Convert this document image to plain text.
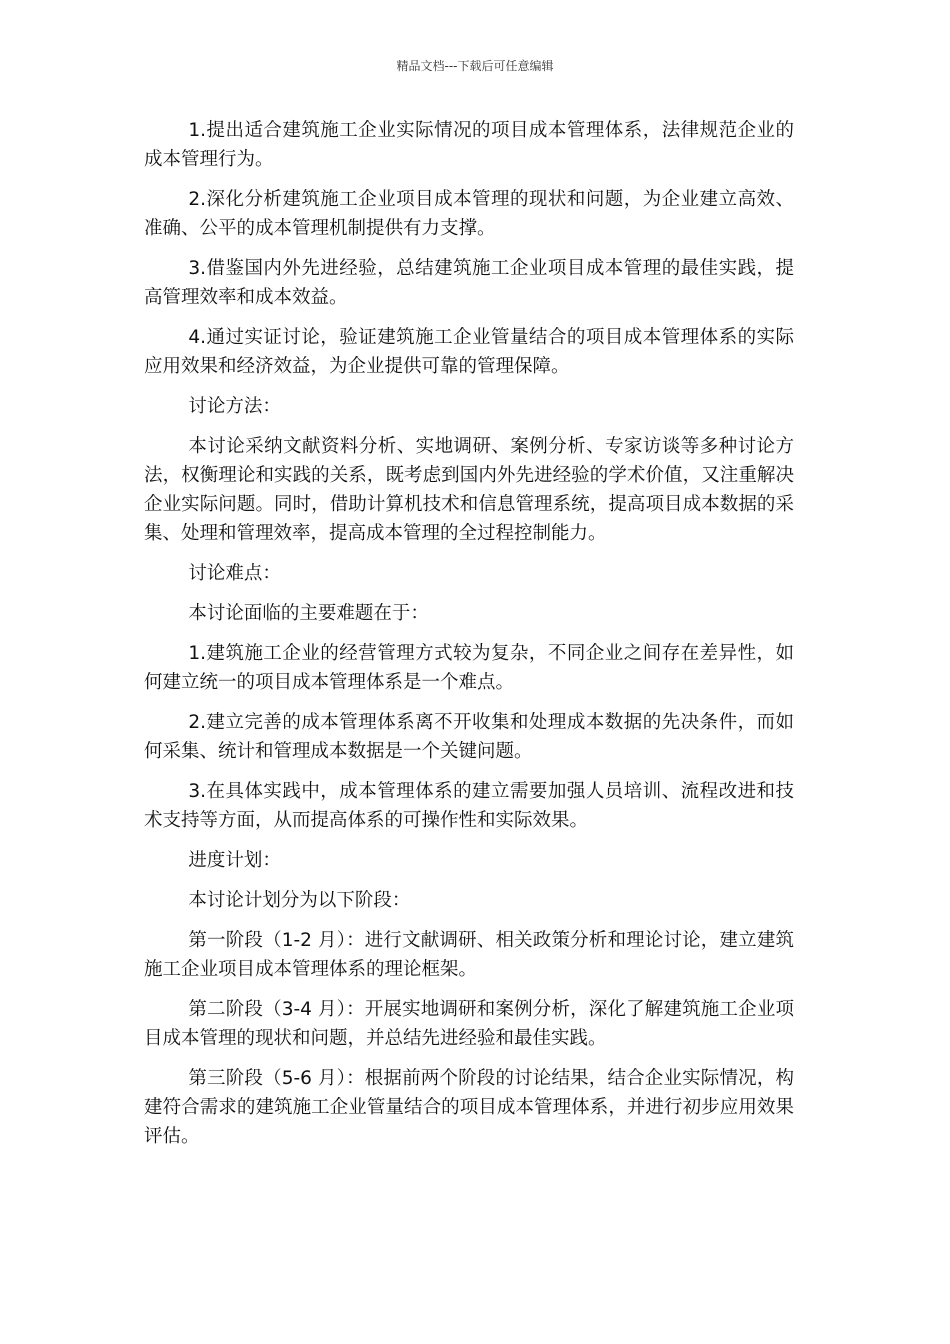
精品文档---下载后可任意编辑

1.提出适合建筑施工企业实际情况的项目成本管理体系，法律规范企业的成本管理行为。

2.深化分析建筑施工企业项目成本管理的现状和问题，为企业建立高效、准确、公平的成本管理机制提供有力支撑。

3.借鉴国内外先进经验，总结建筑施工企业项目成本管理的最佳实践，提高管理效率和成本效益。

4.通过实证讨论，验证建筑施工企业管量结合的项目成本管理体系的实际应用效果和经济效益，为企业提供可靠的管理保障。

讨论方法：

本讨论采纳文献资料分析、实地调研、案例分析、专家访谈等多种讨论方法，权衡理论和实践的关系，既考虑到国内外先进经验的学术价值，又注重解决企业实际问题。同时，借助计算机技术和信息管理系统，提高项目成本数据的采集、处理和管理效率，提高成本管理的全过程控制能力。

讨论难点：

本讨论面临的主要难题在于：

1.建筑施工企业的经营管理方式较为复杂，不同企业之间存在差异性，如何建立统一的项目成本管理体系是一个难点。

2.建立完善的成本管理体系离不开收集和处理成本数据的先决条件，而如何采集、统计和管理成本数据是一个关键问题。

3.在具体实践中，成本管理体系的建立需要加强人员培训、流程改进和技术支持等方面，从而提高体系的可操作性和实际效果。

进度计划：

本讨论计划分为以下阶段：

第一阶段（1-2 月）：进行文献调研、相关政策分析和理论讨论，建立建筑施工企业项目成本管理体系的理论框架。

第二阶段（3-4 月）：开展实地调研和案例分析，深化了解建筑施工企业项目成本管理的现状和问题，并总结先进经验和最佳实践。

第三阶段（5-6 月）：根据前两个阶段的讨论结果，结合企业实际情况，构建符合需求的建筑施工企业管量结合的项目成本管理体系，并进行初步应用效果评估。
